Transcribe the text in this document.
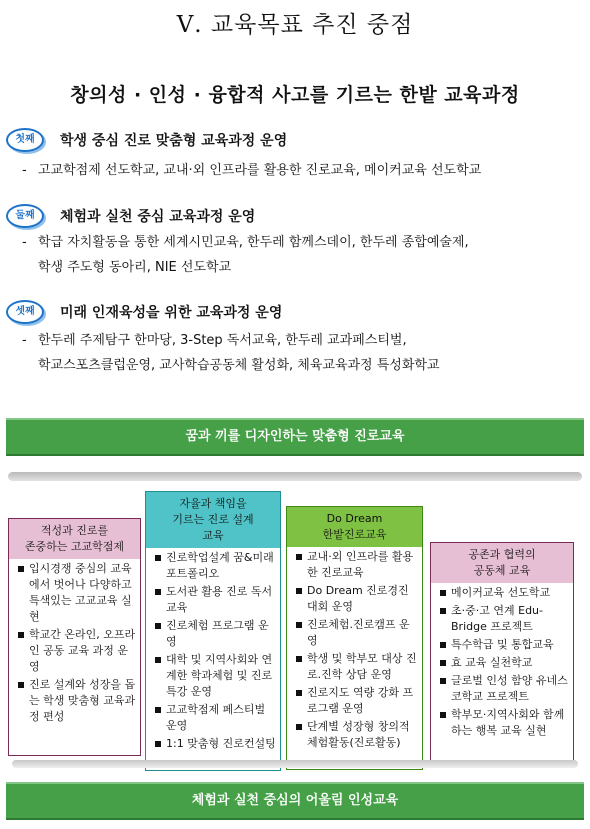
Ⅴ. 교육목표 추진 중점
창의성 · 인성 · 융합적 사고를 기르는 한밭 교육과정
첫째	학생 중심 진로 맞춤형 교육과정 운영
- 고교학점제 선도학교, 교내·외 인프라를 활용한 진로교육, 메이커교육 선도학교
둘째	체험과 실천 중심 교육과정 운영
- 학급 자치활동을 통한 세계시민교육, 한두레 함께스데이, 한두레 종합예술제,
학생 주도형 동아리, NIE 선도학교
셋째	미래 인재육성을 위한 교육과정 운영
- 한두레 주제탐구 한마당, 3-Step 독서교육, 한두레 교과페스티벌,
학교스포츠클럽운영, 교사학습공동체 활성화, 체육교육과정 특성화학교
꿈과 끼를 디자인하는 맞춤형 진로교육
적성과 진로를
존중하는 고교학점제
입시경쟁 중심의 교육에서 벗어나 다양하고 특색있는 고교교육 실현
학교간 온라인, 오프라인 공동 교육 과정 운영
진로 설계와 성장을 돕는 학생 맞춤형 교육과정 편성
자율과 책임을
기르는 진로 설계
교육
진로학업설계 꿈&미래 포트폴리오
도서관 활용 진로 독서교육
진로체험 프로그램 운영
대학 및 지역사회와 연계한 학과체험 및 진로특강 운영
고교학점제 페스티벌 운영
1:1 맞춤형 진로컨설팅
Do Dream
한밭진로교육
교내·외 인프라를 활용한 진로교육
Do Dream 진로경진대회 운영
진로체험.진로캠프 운영
학생 및 학부모 대상 진로.진학 상담 운영
진로지도 역량 강화 프로그램 운영
단계별 성장형 창의적 체험활동(진로활동)
공존과 협력의
공동체 교육
메이커교육 선도학교
초·중·고 연계 Edu-Bridge 프로젝트
특수학급 및 통합교육
효 교육 실천학교
글로벌 인성 함양 유네스코학교 프로젝트
학부모·지역사회와 함께하는 행복 교육 실현
체험과 실천 중심의 어울림 인성교육
